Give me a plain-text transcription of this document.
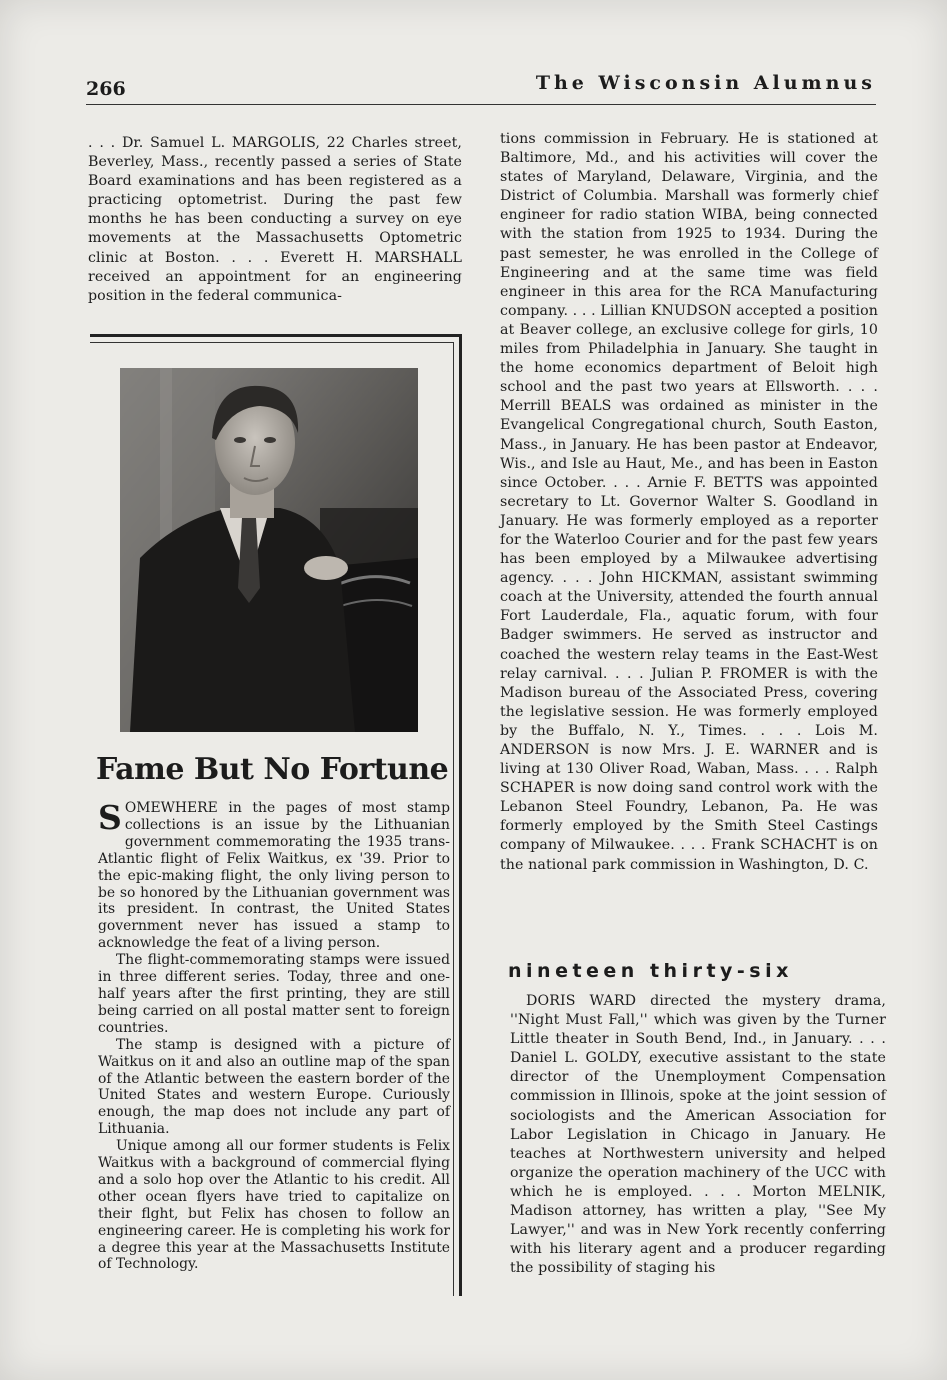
266	The Wisconsin Alumnus

. . . Dr. Samuel L. MARGOLIS, 22 Charles street, Beverley, Mass., recently passed a series of State Board examinations and has been registered as a practicing optometrist. During the past few months he has been conducting a survey on eye movements at the Massachusetts Optometric clinic at Boston. . . . Everett H. MARSHALL received an appointment for an engineering position in the federal communica-

Fame But No Fortune

SOMEWHERE in the pages of most stamp collections is an issue by the Lithuanian government commemorating the 1935 trans-Atlantic flight of Felix Waitkus, ex '39. Prior to the epic-making flight, the only living person to be so honored by the Lithuanian government was its president. In contrast, the United States government never has issued a stamp to acknowledge the feat of a living person.

The flight-commemorating stamps were issued in three different series. Today, three and one-half years after the first printing, they are still being carried on all postal matter sent to foreign countries.

The stamp is designed with a picture of Waitkus on it and also an outline map of the span of the Atlantic between the eastern border of the United States and western Europe. Curiously enough, the map does not include any part of Lithuania.

Unique among all our former students is Felix Waitkus with a background of commercial flying and a solo hop over the Atlantic to his credit. All other ocean flyers have tried to capitalize on their flght, but Felix has chosen to follow an engineering career. He is completing his work for a degree this year at the Massachusetts Institute of Technology.

tions commission in February. He is stationed at Baltimore, Md., and his activities will cover the states of Maryland, Delaware, Virginia, and the District of Columbia. Marshall was formerly chief engineer for radio station WIBA, being connected with the station from 1925 to 1934. During the past semester, he was enrolled in the College of Engineering and at the same time was field engineer in this area for the RCA Manufacturing company. . . . Lillian KNUDSON accepted a position at Beaver college, an exclusive college for girls, 10 miles from Philadelphia in January. She taught in the home economics department of Beloit high school and the past two years at Ellsworth. . . . Merrill BEALS was ordained as minister in the Evangelical Congregational church, South Easton, Mass., in January. He has been pastor at Endeavor, Wis., and Isle au Haut, Me., and has been in Easton since October. . . . Arnie F. BETTS was appointed secretary to Lt. Governor Walter S. Goodland in January. He was formerly employed as a reporter for the Waterloo Courier and for the past few years has been employed by a Milwaukee advertising agency. . . . John HICKMAN, assistant swimming coach at the University, attended the fourth annual Fort Lauderdale, Fla., aquatic forum, with four Badger swimmers. He served as instructor and coached the western relay teams in the East-West relay carnival. . . . Julian P. FROMER is with the Madison bureau of the Associated Press, covering the legislative session. He was formerly employed by the Buffalo, N. Y., Times. . . . Lois M. ANDERSON is now Mrs. J. E. WARNER and is living at 130 Oliver Road, Waban, Mass. . . . Ralph SCHAPER is now doing sand control work with the Lebanon Steel Foundry, Lebanon, Pa. He was formerly employed by the Smith Steel Castings company of Milwaukee. . . . Frank SCHACHT is on the national park commission in Washington, D. C.

nineteen thirty-six

DORIS WARD directed the mystery drama, ''Night Must Fall,'' which was given by the Turner Little theater in South Bend, Ind., in January. . . . Daniel L. GOLDY, executive assistant to the state director of the Unemployment Compensation commission in Illinois, spoke at the joint session of sociologists and the American Association for Labor Legislation in Chicago in January. He teaches at Northwestern university and helped organize the operation machinery of the UCC with which he is employed. . . . Morton MELNIK, Madison attorney, has written a play, ''See My Lawyer,'' and was in New York recently conferring with his literary agent and a producer regarding the possibility of staging his
